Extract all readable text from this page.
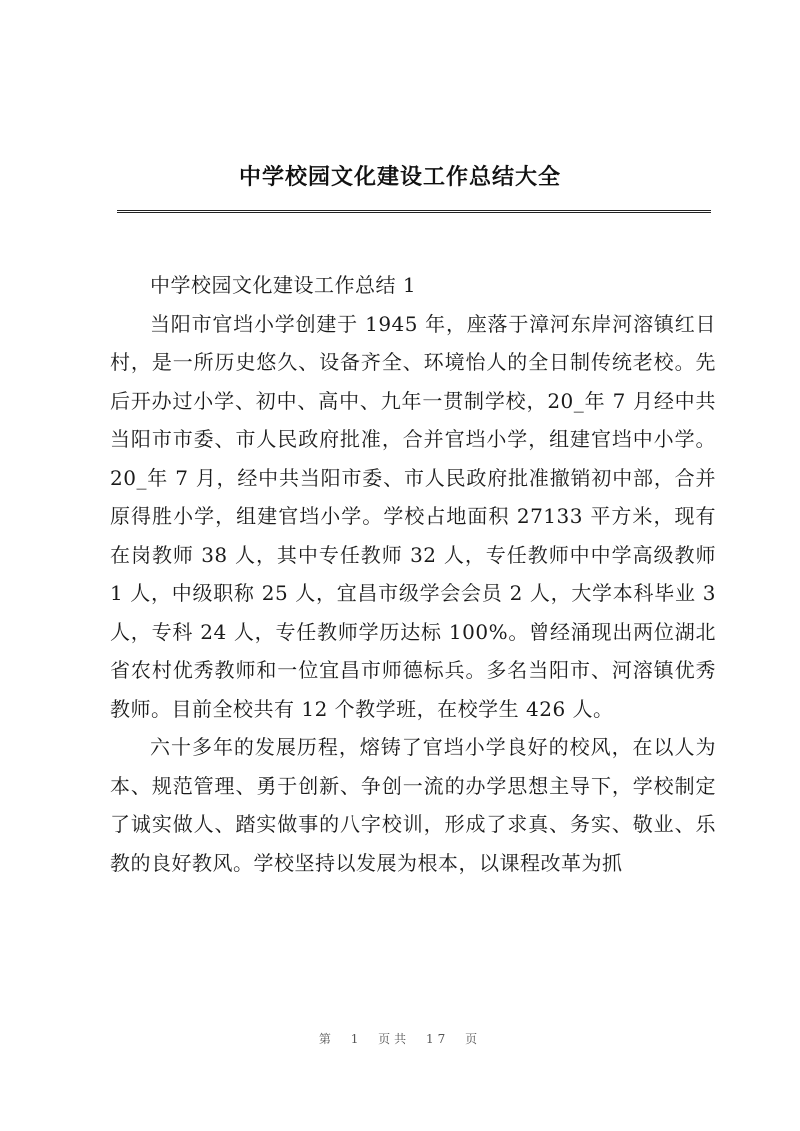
中学校园文化建设工作总结大全

中学校园文化建设工作总结 1

当阳市官垱小学创建于 1945 年，座落于漳河东岸河溶镇红日村，是一所历史悠久、设备齐全、环境怡人的全日制传统老校。先后开办过小学、初中、高中、九年一贯制学校，20_年 7 月经中共当阳市市委、市人民政府批准，合并官垱小学，组建官垱中小学。20_年 7 月，经中共当阳市委、市人民政府批准撤销初中部，合并原得胜小学，组建官垱小学。学校占地面积 27133 平方米，现有在岗教师 38 人，其中专任教师 32 人，专任教师中中学高级教师 1 人，中级职称 25 人，宜昌市级学会会员 2 人，大学本科毕业 3 人，专科 24 人，专任教师学历达标 100%。曾经涌现出两位湖北省农村优秀教师和一位宜昌市师德标兵。多名当阳市、河溶镇优秀教师。目前全校共有 12 个教学班，在校学生 426 人。

六十多年的发展历程，熔铸了官垱小学良好的校风，在以人为本、规范管理、勇于创新、争创一流的办学思想主导下，学校制定了诚实做人、踏实做事的八字校训，形成了求真、务实、敬业、乐教的良好教风。学校坚持以发展为根本，以课程改革为抓

第 1 页共 17 页
